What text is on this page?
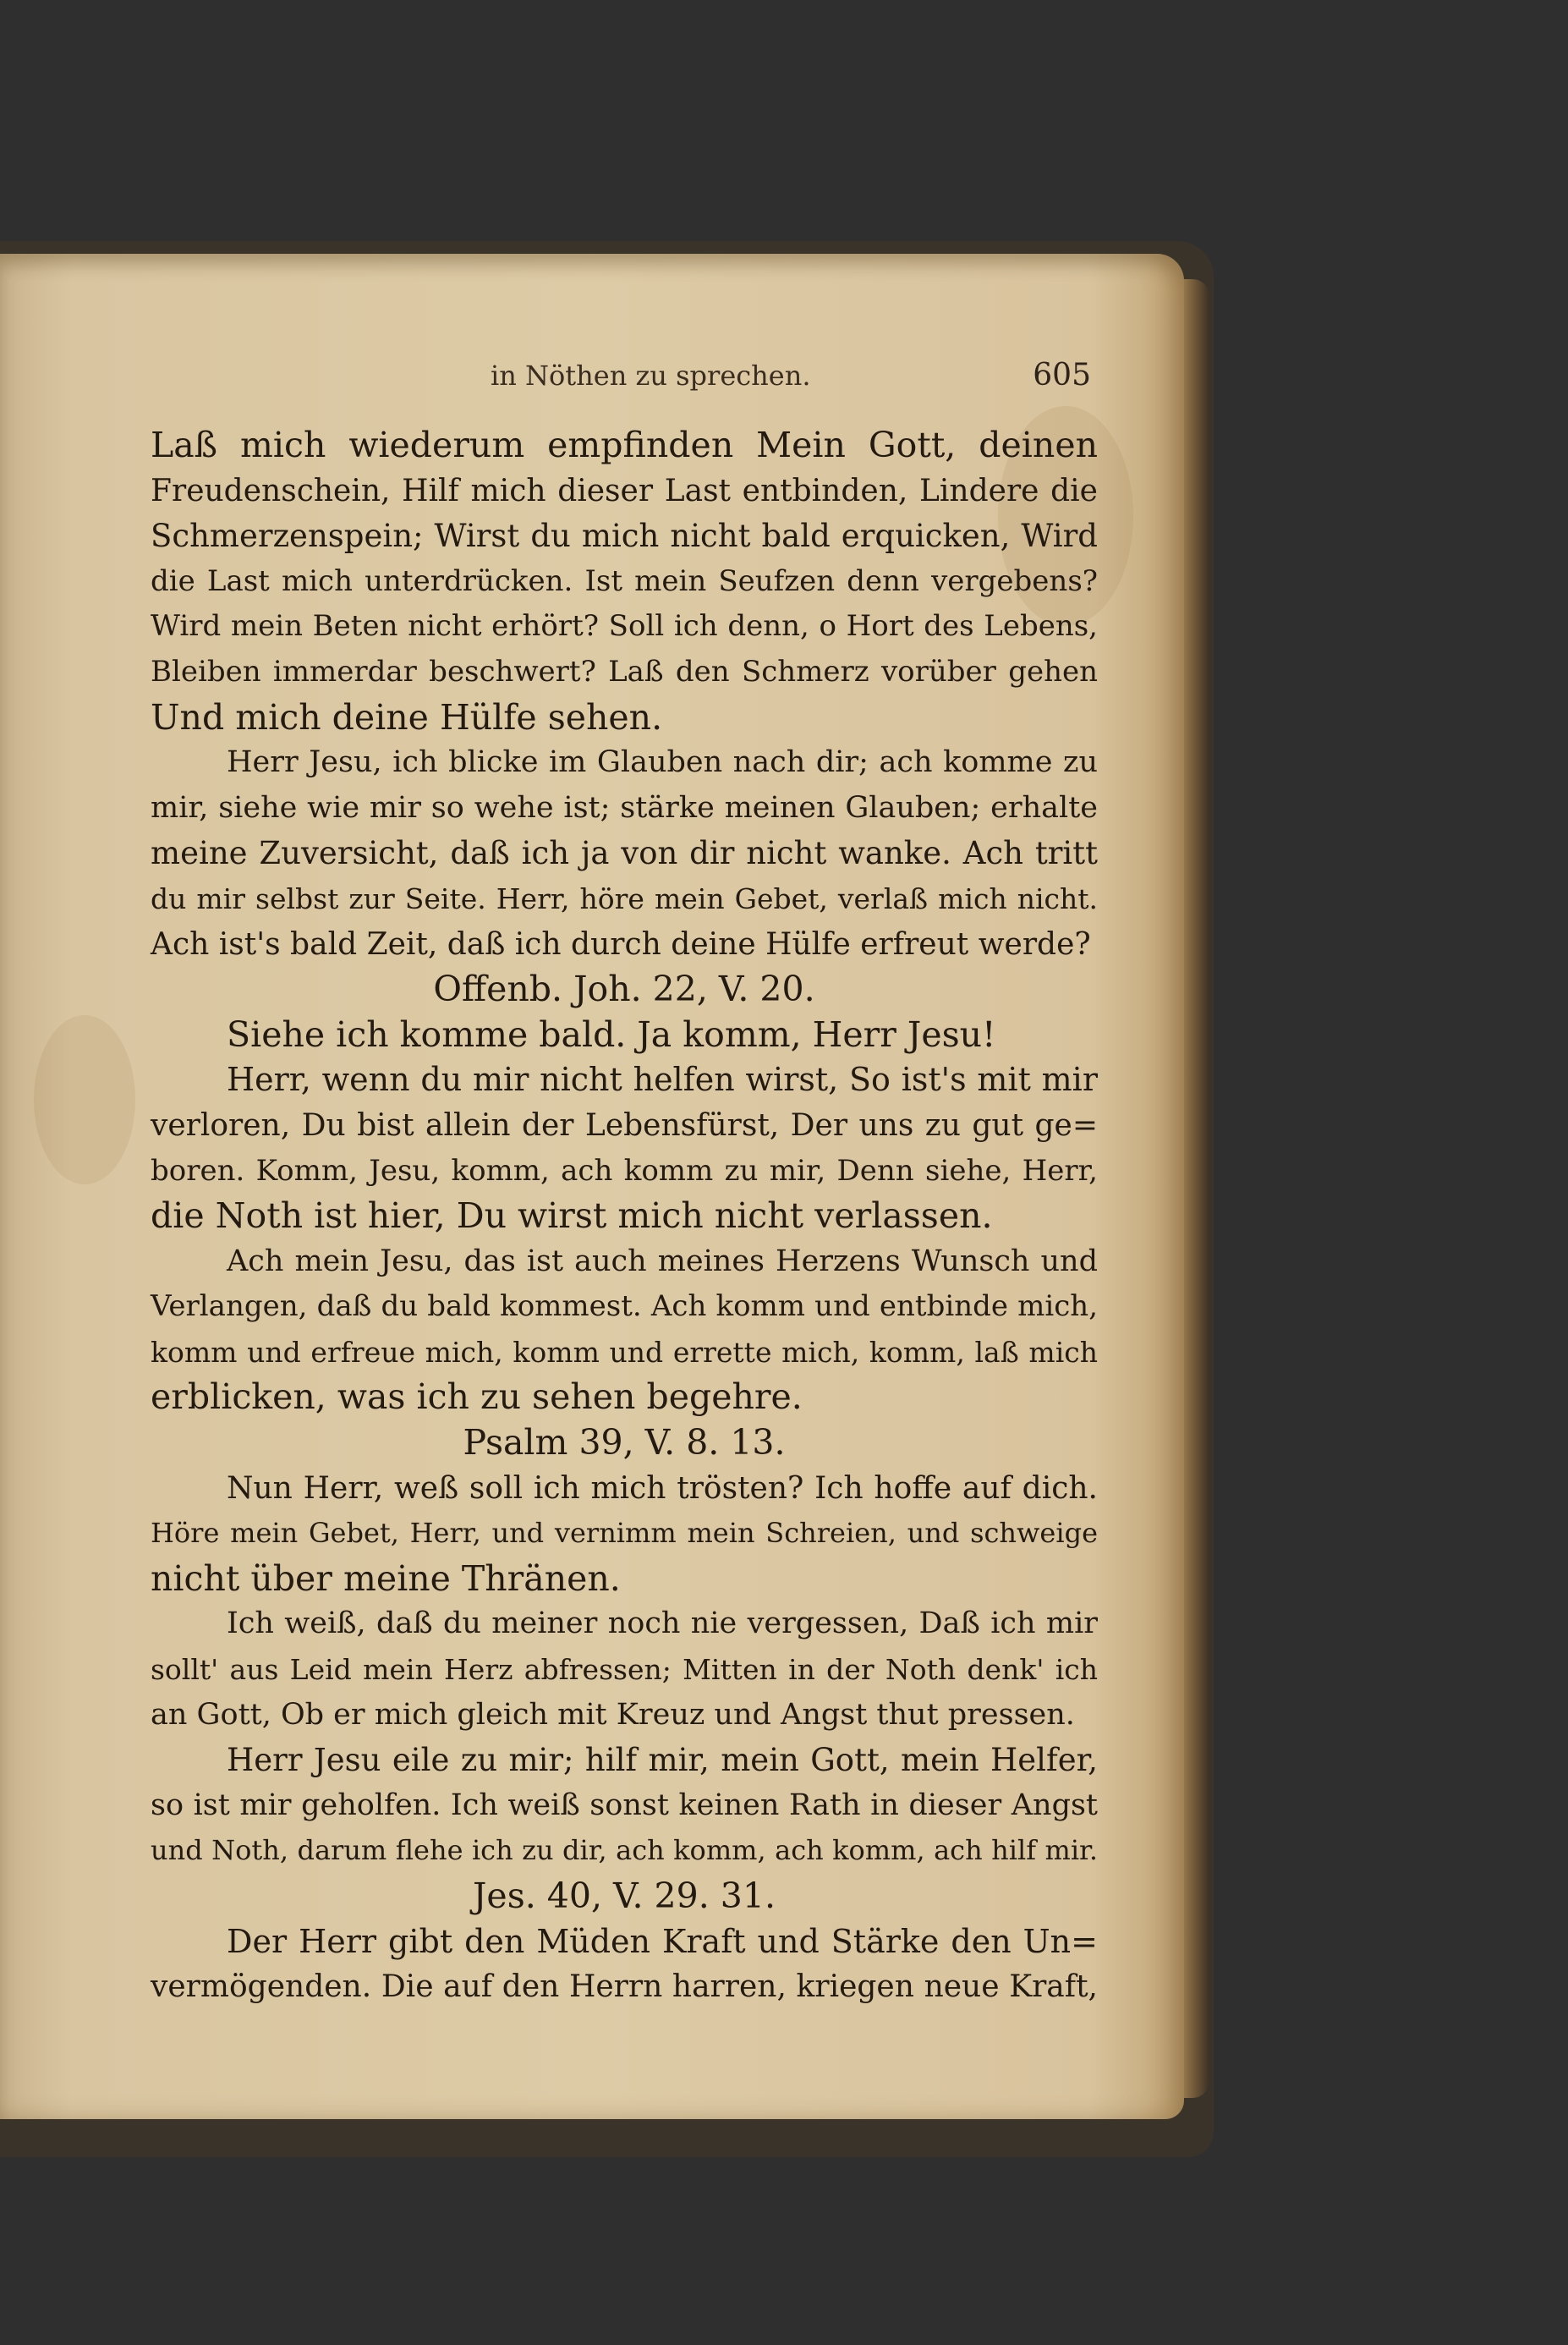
in Nöthen zu sprechen.	605
Laß mich wiederum empfinden Mein Gott, deinen
Freudenschein, Hilf mich dieser Last entbinden, Lindere die
Schmerzenspein; Wirst du mich nicht bald erquicken, Wird
die Last mich unterdrücken. Ist mein Seufzen denn vergebens?
Wird mein Beten nicht erhört? Soll ich denn, o Hort des Lebens,
Bleiben immerdar beschwert? Laß den Schmerz vorüber gehen
Und mich deine Hülfe sehen.
Herr Jesu, ich blicke im Glauben nach dir; ach komme zu
mir, siehe wie mir so wehe ist; stärke meinen Glauben; erhalte
meine Zuversicht, daß ich ja von dir nicht wanke. Ach tritt
du mir selbst zur Seite. Herr, höre mein Gebet, verlaß mich nicht.
Ach ist's bald Zeit, daß ich durch deine Hülfe erfreut werde?
Offenb. Joh. 22, V. 20.
Siehe ich komme bald. Ja komm, Herr Jesu!
Herr, wenn du mir nicht helfen wirst, So ist's mit mir
verloren, Du bist allein der Lebensfürst, Der uns zu gut ge=
boren. Komm, Jesu, komm, ach komm zu mir, Denn siehe, Herr,
die Noth ist hier, Du wirst mich nicht verlassen.
Ach mein Jesu, das ist auch meines Herzens Wunsch und
Verlangen, daß du bald kommest. Ach komm und entbinde mich,
komm und erfreue mich, komm und errette mich, komm, laß mich
erblicken, was ich zu sehen begehre.
Psalm 39, V. 8. 13.
Nun Herr, weß soll ich mich trösten? Ich hoffe auf dich.
Höre mein Gebet, Herr, und vernimm mein Schreien, und schweige
nicht über meine Thränen.
Ich weiß, daß du meiner noch nie vergessen, Daß ich mir
sollt' aus Leid mein Herz abfressen; Mitten in der Noth denk' ich
an Gott, Ob er mich gleich mit Kreuz und Angst thut pressen.
Herr Jesu eile zu mir; hilf mir, mein Gott, mein Helfer,
so ist mir geholfen. Ich weiß sonst keinen Rath in dieser Angst
und Noth, darum flehe ich zu dir, ach komm, ach komm, ach hilf mir.
Jes. 40, V. 29. 31.
Der Herr gibt den Müden Kraft und Stärke den Un=
vermögenden. Die auf den Herrn harren, kriegen neue Kraft,
